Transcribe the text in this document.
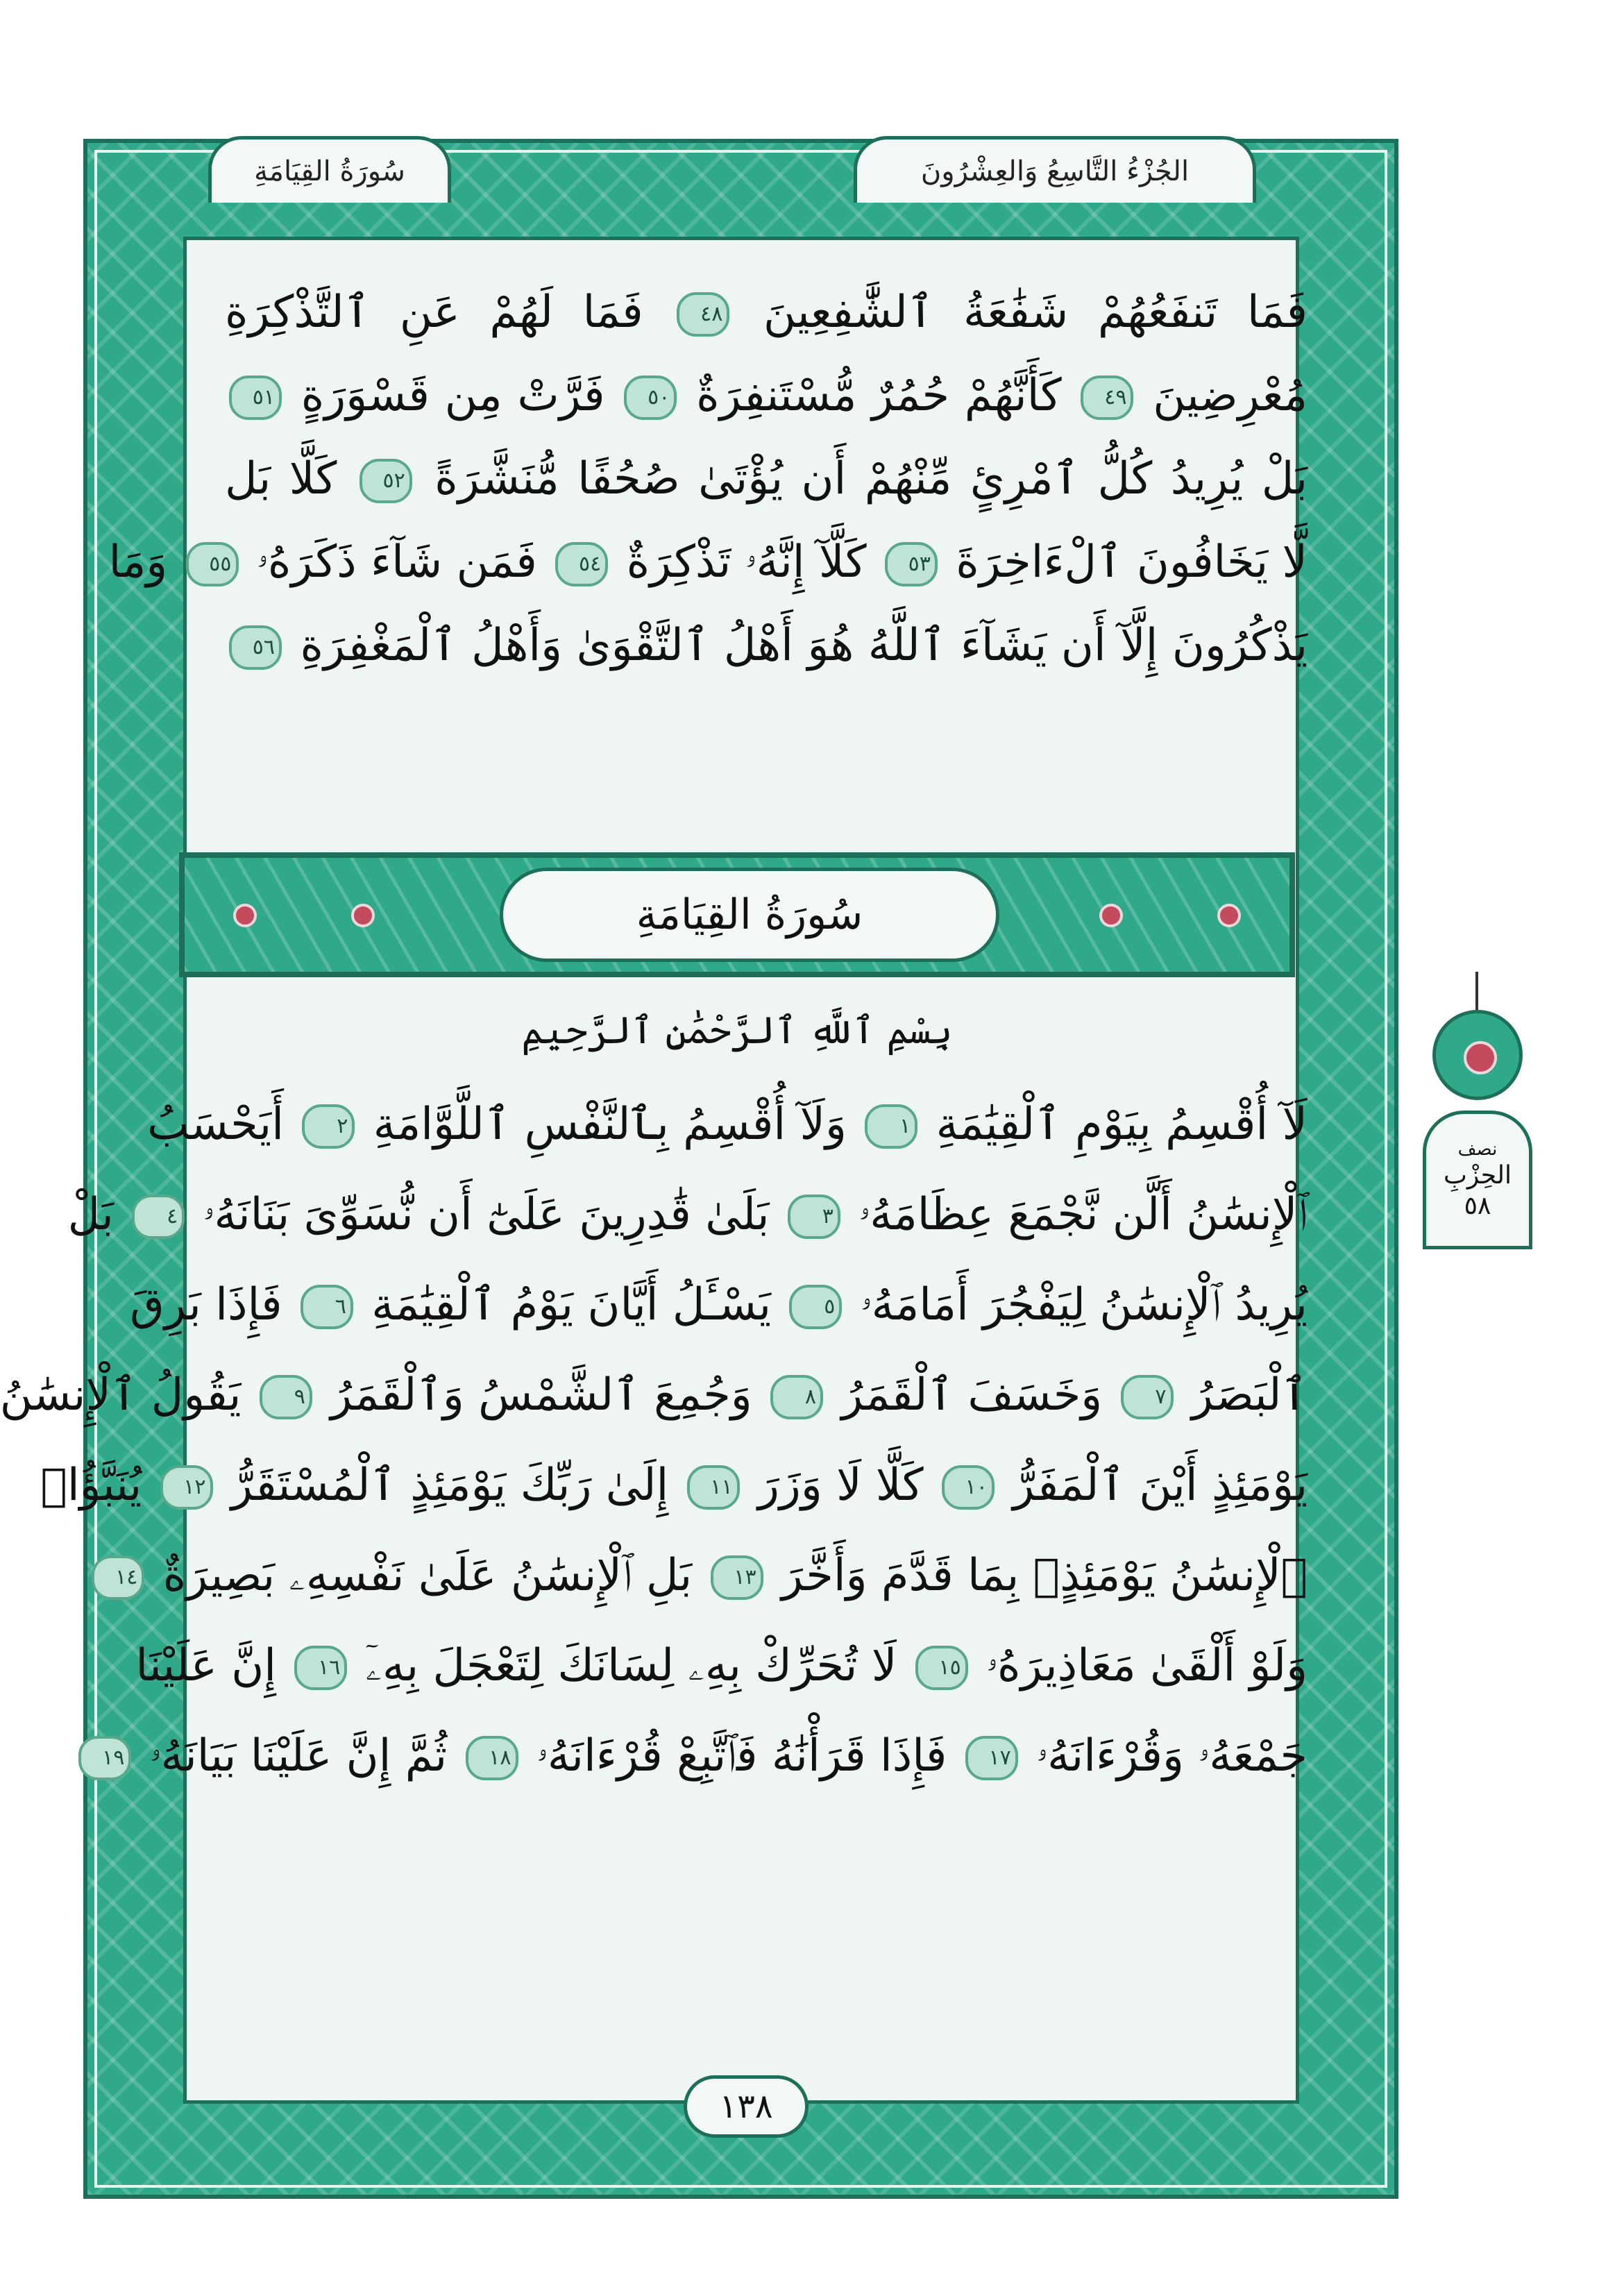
سُورَةُ القِيَامَةِ	الجُزْءُ التَّاسِعُ وَالعِشْرُونَ
فَمَا تَنفَعُهُمْ شَفَٰعَةُ ٱلشَّٰفِعِينَ ٤٨ فَمَا لَهُمْ عَنِ ٱلتَّذْكِرَةِ
مُعْرِضِينَ ٤٩ كَأَنَّهُمْ حُمُرٌ مُّسْتَنفِرَةٌ ٥٠ فَرَّتْ مِن قَسْوَرَةٍ ٥١
بَلْ يُرِيدُ كُلُّ ٱمْرِئٍ مِّنْهُمْ أَن يُؤْتَىٰ صُحُفًا مُّنَشَّرَةً ٥٢ كَلَّا بَل
لَّا يَخَافُونَ ٱلْءَاخِرَةَ ٥٣ كَلَّآ إِنَّهُۥ تَذْكِرَةٌ ٥٤ فَمَن شَآءَ ذَكَرَهُۥ ٥٥ وَمَا
يَذْكُرُونَ إِلَّآ أَن يَشَآءَ ٱللَّهُ هُوَ أَهْلُ ٱلتَّقْوَىٰ وَأَهْلُ ٱلْمَغْفِرَةِ ٥٦
سُورَةُ القِيَامَةِ
بِسْمِ ٱللَّهِ ٱلرَّحْمَٰنِ ٱلرَّحِيمِ
لَآ أُقْسِمُ بِيَوْمِ ٱلْقِيَٰمَةِ ١ وَلَآ أُقْسِمُ بِٱلنَّفْسِ ٱللَّوَّامَةِ ٢ أَيَحْسَبُ
ٱلْإِنسَٰنُ أَلَّن نَّجْمَعَ عِظَامَهُۥ ٣ بَلَىٰ قَٰدِرِينَ عَلَىٰٓ أَن نُّسَوِّىَ بَنَانَهُۥ ٤ بَلْ
يُرِيدُ ٱلْإِنسَٰنُ لِيَفْجُرَ أَمَامَهُۥ ٥ يَسْـَٔلُ أَيَّانَ يَوْمُ ٱلْقِيَٰمَةِ ٦ فَإِذَا بَرِقَ
ٱلْبَصَرُ ٧ وَخَسَفَ ٱلْقَمَرُ ٨ وَجُمِعَ ٱلشَّمْسُ وَٱلْقَمَرُ ٩ يَقُولُ ٱلْإِنسَٰنُ
يَوْمَئِذٍ أَيْنَ ٱلْمَفَرُّ ١٠ كَلَّا لَا وَزَرَ ١١ إِلَىٰ رَبِّكَ يَوْمَئِذٍ ٱلْمُسْتَقَرُّ ١٢ يُنَبَّؤُا۟
ٱلْإِنسَٰنُ يَوْمَئِذٍۭ بِمَا قَدَّمَ وَأَخَّرَ ١٣ بَلِ ٱلْإِنسَٰنُ عَلَىٰ نَفْسِهِۦ بَصِيرَةٌ ١٤
وَلَوْ أَلْقَىٰ مَعَاذِيرَهُۥ ١٥ لَا تُحَرِّكْ بِهِۦ لِسَانَكَ لِتَعْجَلَ بِهِۦٓ ١٦ إِنَّ عَلَيْنَا
جَمْعَهُۥ وَقُرْءَانَهُۥ ١٧ فَإِذَا قَرَأْنَٰهُ فَٱتَّبِعْ قُرْءَانَهُۥ ١٨ ثُمَّ إِنَّ عَلَيْنَا بَيَانَهُۥ ١٩
١٣٨
نصف
الحِزْبِ
٥٨
